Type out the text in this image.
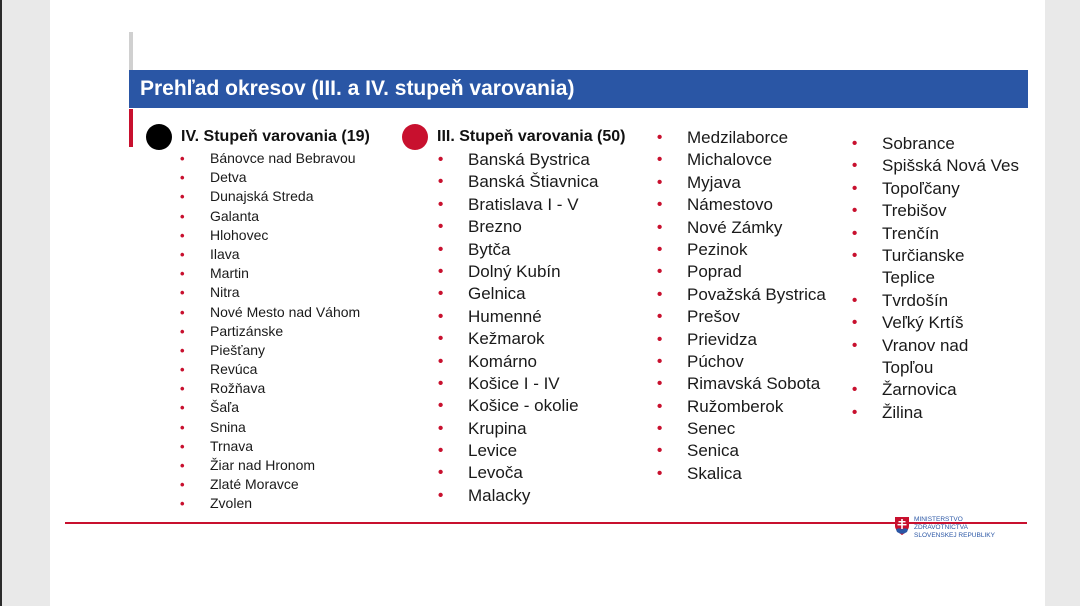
Prehľad okresov (III. a IV. stupeň varovania)
IV. Stupeň varovania (19)	III. Stupeň varovania (50)
• Bánovce nad Bebravou
• Detva
• Dunajská Streda
• Galanta
• Hlohovec
• Ilava
• Martin
• Nitra
• Nové Mesto nad Váhom
• Partizánske
• Piešťany
• Revúca
• Rožňava
• Šaľa
• Snina
• Trnava
• Žiar nad Hronom
• Zlaté Moravce
• Zvolen
• Banská Bystrica
• Banská Štiavnica
• Bratislava I - V
• Brezno
• Bytča
• Dolný Kubín
• Gelnica
• Humenné
• Kežmarok
• Komárno
• Košice I - IV
• Košice - okolie
• Krupina
• Levice
• Levoča
• Malacky
• Medzilaborce
• Michalovce
• Myjava
• Námestovo
• Nové Zámky
• Pezinok
• Poprad
• Považská Bystrica
• Prešov
• Prievidza
• Púchov
• Rimavská Sobota
• Ružomberok
• Senec
• Senica
• Skalica
• Sobrance
• Spišská Nová Ves
• Topoľčany
• Trebišov
• Trenčín
• Turčianske
Teplice
• Tvrdošín
• Veľký Krtíš
• Vranov nad
Topľou
• Žarnovica
• Žilina
MINISTERSTVO
ZDRAVOTNÍCTVA
SLOVENSKEJ REPUBLIKY
